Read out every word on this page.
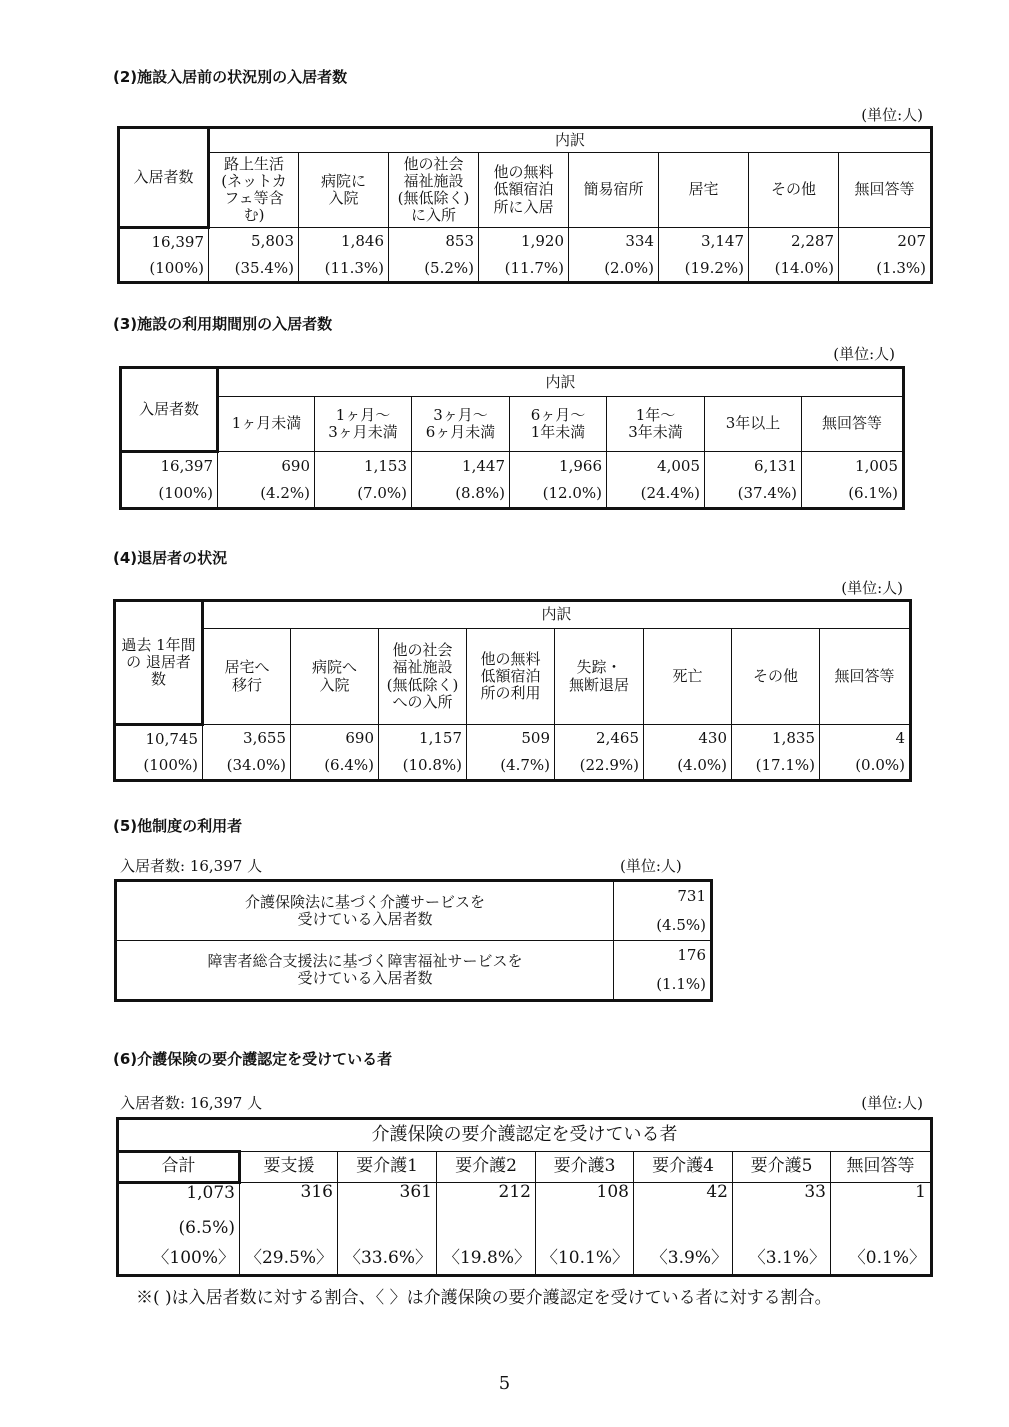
(2)施設入居前の状況別の入居者数
(単位:人)
入居者数	内訳							
	路上生活
(ネットカ
フェ等含
む)	病院に
入院	他の社会
福祉施設
(無低除く)
に入所	他の無料
低額宿泊
所に入居	簡易宿所	居宅	その他	無回答等
16,397	5,803	1,846	853	1,920	334	3,147	2,287	207
(100%)	(35.4%)	(11.3%)	(5.2%)	(11.7%)	(2.0%)	(19.2%)	(14.0%)	(1.3%)
(3)施設の利用期間別の入居者数
(単位:人)
入居者数	内訳						
	1ヶ月未満	1ヶ月～
3ヶ月未満	3ヶ月～
6ヶ月未満	6ヶ月～
1年未満	1年～
3年未満	3年以上	無回答等
16,397	690	1,153	1,447	1,966	4,005	6,131	1,005
(100%)	(4.2%)	(7.0%)	(8.8%)	(12.0%)	(24.4%)	(37.4%)	(6.1%)
(4)退居者の状況
(単位:人)
過去 1年間の 退居者数	内訳							
	居宅へ
移行	病院へ
入院	他の社会
福祉施設
(無低除く)
への入所	他の無料
低額宿泊
所の利用	失踪・
無断退居	死亡	その他	無回答等
10,745	3,655	690	1,157	509	2,465	430	1,835	4
(100%)	(34.0%)	(6.4%)	(10.8%)	(4.7%)	(22.9%)	(4.0%)	(17.1%)	(0.0%)
(5)他制度の利用者
入居者数: 16,397 人	(単位:人)
介護保険法に基づく介護サービスを
受けている入居者数	731
	(4.5%)
障害者総合支援法に基づく障害福祉サービスを
受けている入居者数	176
	(1.1%)
(6)介護保険の要介護認定を受けている者
入居者数: 16,397 人	(単位:人)
介護保険の要介護認定を受けている者							
合計	要支援	要介護1	要介護2	要介護3	要介護4	要介護5	無回答等
1,073	316	361	212	108	42	33	1
(6.5%)							
〈100%〉	〈29.5%〉	〈33.6%〉	〈19.8%〉	〈10.1%〉	〈3.9%〉	〈3.1%〉	〈0.1%〉
※( )は入居者数に対する割合、〈 〉は介護保険の要介護認定を受けている者に対する割合。
5
